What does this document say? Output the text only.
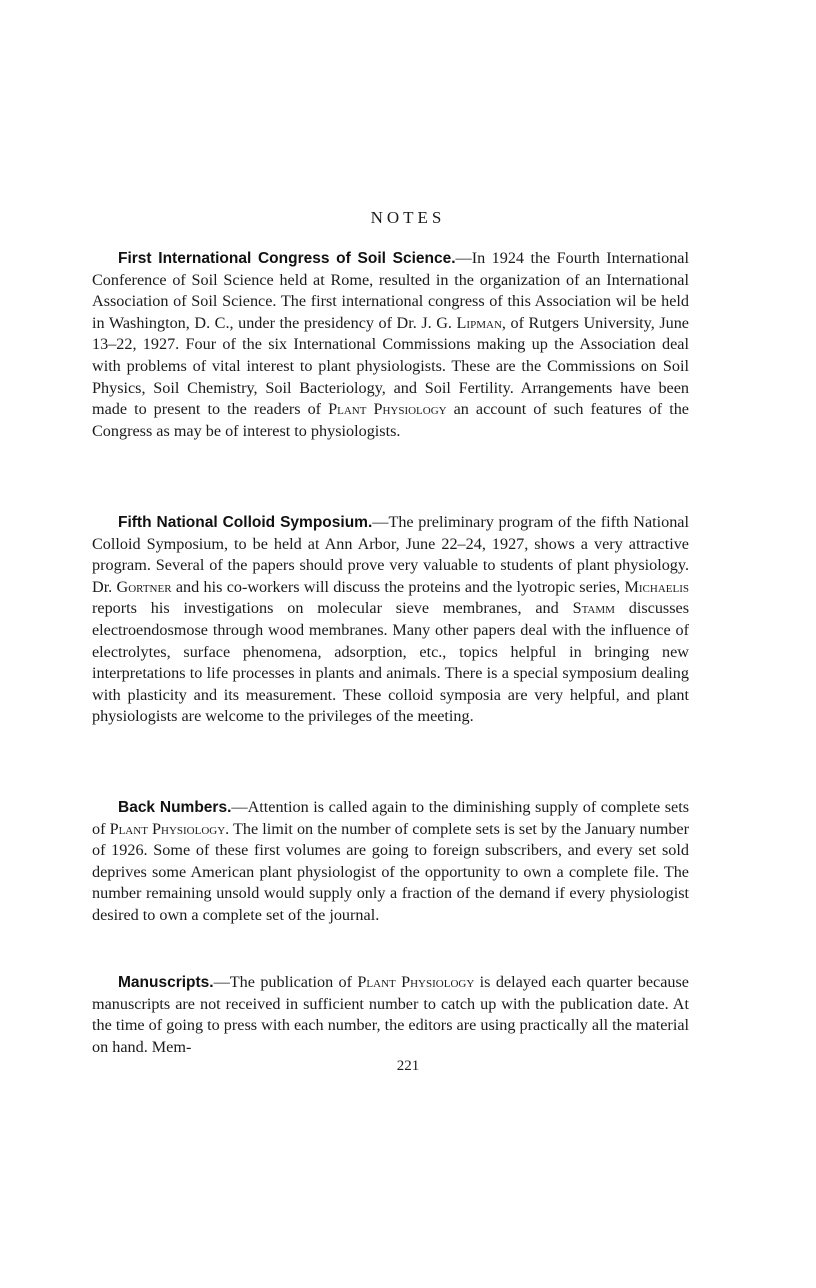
NOTES

First International Congress of Soil Science.—In 1924 the Fourth International Conference of Soil Science held at Rome, resulted in the organization of an International Association of Soil Science. The first international congress of this Association wil be held in Washington, D. C., under the presidency of Dr. J. G. Lipman, of Rutgers University, June 13–22, 1927. Four of the six International Commissions making up the Association deal with problems of vital interest to plant physiologists. These are the Commissions on Soil Physics, Soil Chemistry, Soil Bacteriology, and Soil Fertility. Arrangements have been made to present to the readers of Plant Physiology an account of such features of the Congress as may be of interest to physiologists.

Fifth National Colloid Symposium.—The preliminary program of the fifth National Colloid Symposium, to be held at Ann Arbor, June 22–24, 1927, shows a very attractive program. Several of the papers should prove very valuable to students of plant physiology. Dr. Gortner and his co-workers will discuss the proteins and the lyotropic series, Michaelis reports his investigations on molecular sieve membranes, and Stamm discusses electroendosmose through wood membranes. Many other papers deal with the influence of electrolytes, surface phenomena, adsorption, etc., topics helpful in bringing new interpretations to life processes in plants and animals. There is a special symposium dealing with plasticity and its measurement. These colloid symposia are very helpful, and plant physiologists are welcome to the privileges of the meeting.

Back Numbers.—Attention is called again to the diminishing supply of complete sets of Plant Physiology. The limit on the number of complete sets is set by the January number of 1926. Some of these first volumes are going to foreign subscribers, and every set sold deprives some American plant physiologist of the opportunity to own a complete file. The number remaining unsold would supply only a fraction of the demand if every physiologist desired to own a complete set of the journal.

Manuscripts.—The publication of Plant Physiology is delayed each quarter because manuscripts are not received in sufficient number to catch up with the publication date. At the time of going to press with each number, the editors are using practically all the material on hand. Mem-

221
